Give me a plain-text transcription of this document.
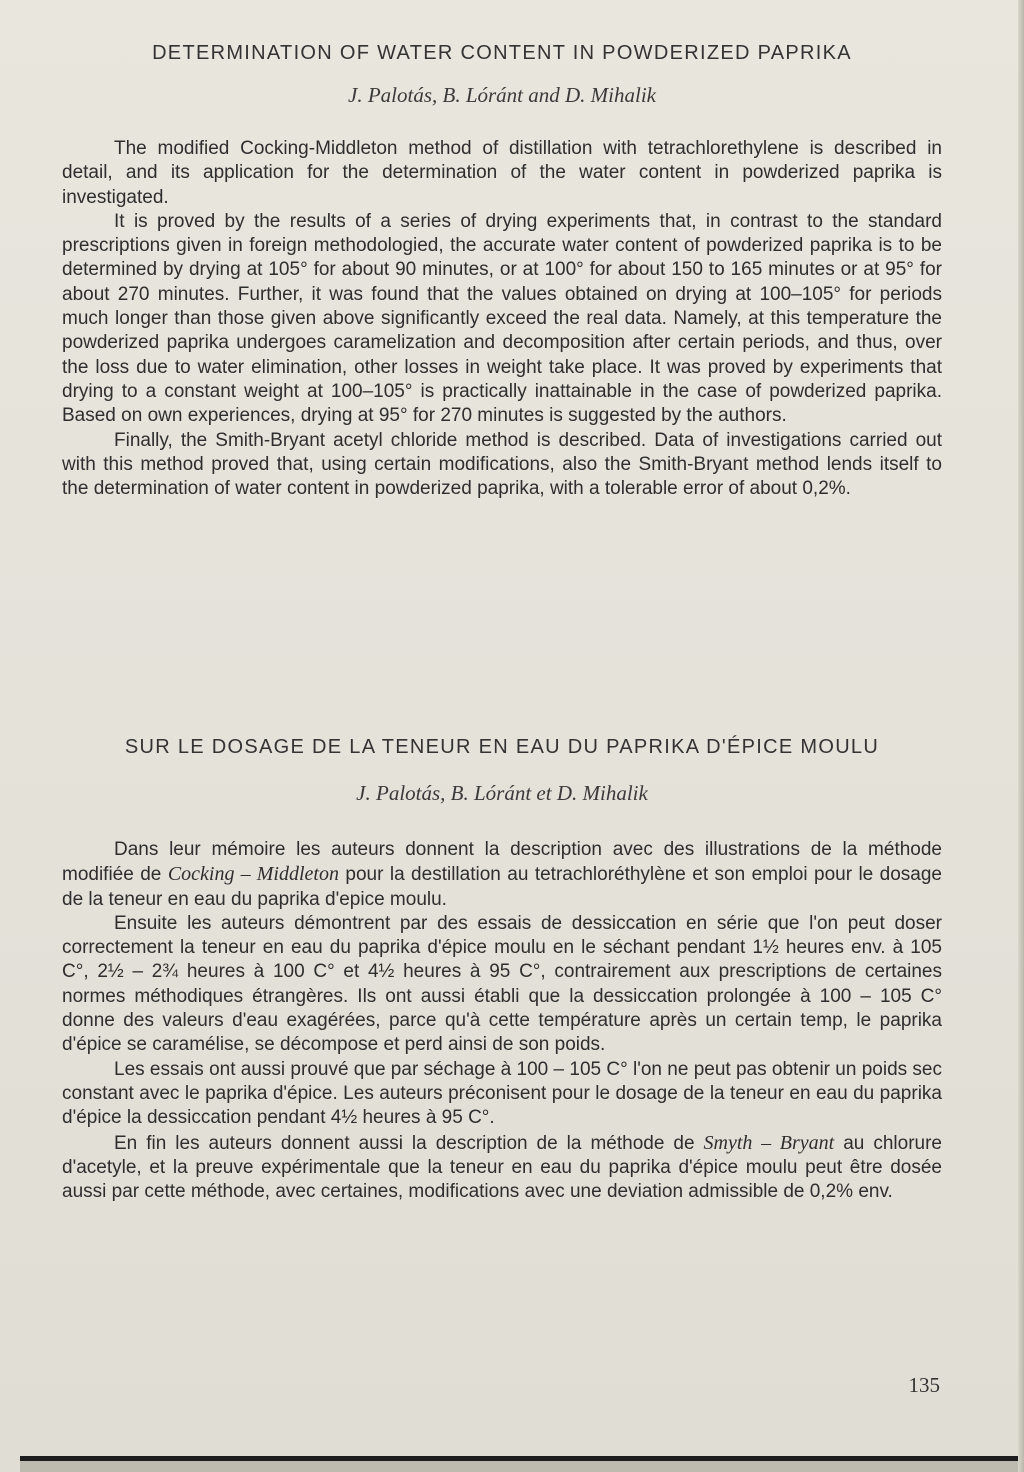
DETERMINATION OF WATER CONTENT IN POWDERIZED PAPRIKA
J. Palotás, B. Lóránt and D. Mihalik

The modified Cocking-Middleton method of distillation with tetrachlorethylene is described in detail, and its application for the determination of the water content in powderized paprika is investigated.

It is proved by the results of a series of drying experiments that, in contrast to the standard prescriptions given in foreign methodologied, the accurate water content of powderized paprika is to be determined by drying at 105° for about 90 minutes, or at 100° for about 150 to 165 minutes or at 95° for about 270 minutes. Further, it was found that the values obtained on drying at 100–105° for periods much longer than those given above significantly exceed the real data. Namely, at this temperature the powderized paprika undergoes caramelization and decomposition after certain periods, and thus, over the loss due to water elimination, other losses in weight take place. It was proved by experiments that drying to a constant weight at 100–105° is practically inattainable in the case of powderized paprika. Based on own experiences, drying at 95° for 270 minutes is suggested by the authors.

Finally, the Smith-Bryant acetyl chloride method is described. Data of investigations carried out with this method proved that, using certain modifications, also the Smith-Bryant method lends itself to the determination of water content in powderized paprika, with a tolerable error of about 0,2%.

SUR LE DOSAGE DE LA TENEUR EN EAU DU PAPRIKA D'ÉPICE MOULU
J. Palotás, B. Lóránt et D. Mihalik

Dans leur mémoire les auteurs donnent la description avec des illustrations de la méthode modifiée de Cocking – Middleton pour la destillation au tetrachloréthylène et son emploi pour le dosage de la teneur en eau du paprika d'epice moulu.

Ensuite les auteurs démontrent par des essais de dessiccation en série que l'on peut doser correctement la teneur en eau du paprika d'épice moulu en le séchant pendant 1½ heures env. à 105 C°, 2½ – 2¾ heures à 100 C° et 4½ heures à 95 C°, contrairement aux prescriptions de certaines normes méthodiques étrangères. Ils ont aussi établi que la dessiccation prolongée à 100 – 105 C° donne des valeurs d'eau exagérées, parce qu'à cette température après un certain temp, le paprika d'épice se caramélise, se décompose et perd ainsi de son poids.

Les essais ont aussi prouvé que par séchage à 100 – 105 C° l'on ne peut pas obtenir un poids sec constant avec le paprika d'épice. Les auteurs préconisent pour le dosage de la teneur en eau du paprika d'épice la dessiccation pendant 4½ heures à 95 C°.

En fin les auteurs donnent aussi la description de la méthode de Smyth – Bryant au chlorure d'acetyle, et la preuve expérimentale que la teneur en eau du paprika d'épice moulu peut être dosée aussi par cette méthode, avec certaines, modifications avec une deviation admissible de 0,2% env.

135
